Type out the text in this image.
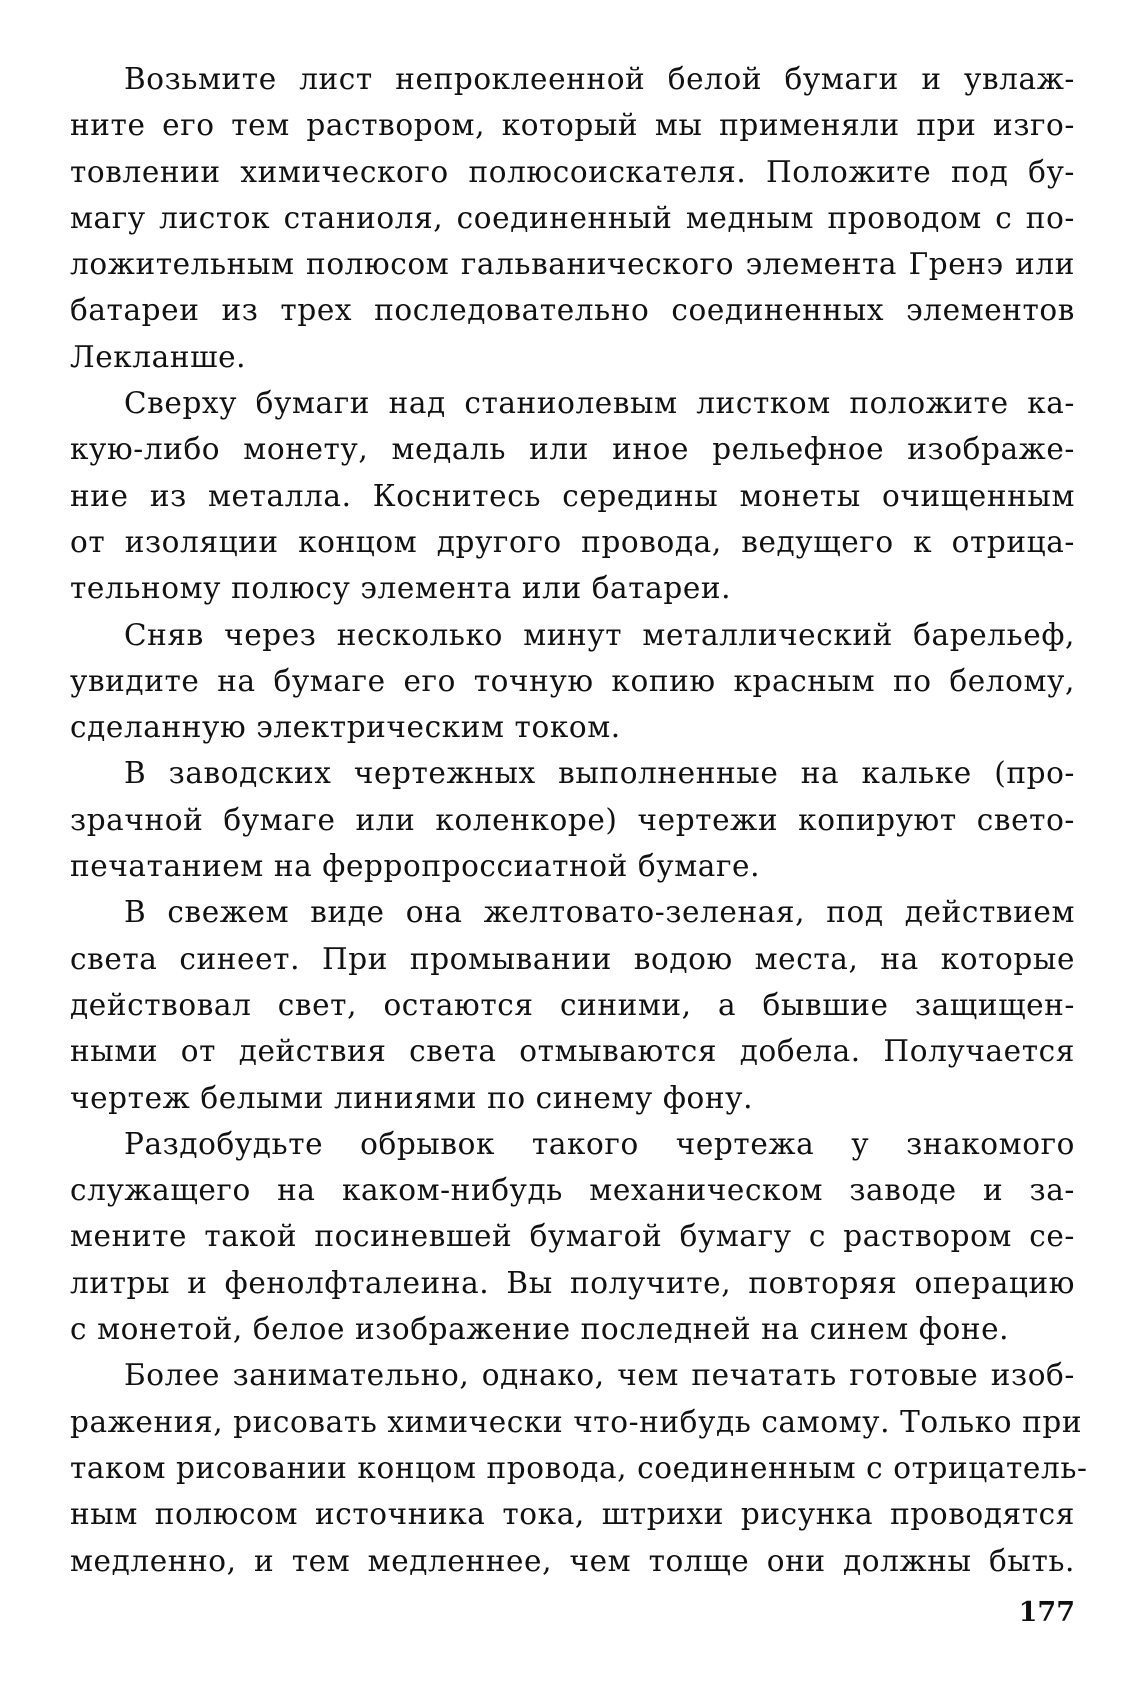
Возьмите лист непроклеенной белой бумаги и увлаж-
ните его тем раствором, который мы применяли при изго-
товлении химического полюсоискателя. Положите под бу-
магу листок станиоля, соединенный медным проводом с по-
ложительным полюсом гальванического элемента Гренэ или
батареи из трех последовательно соединенных элементов
Лекланше.
Сверху бумаги над станиолевым листком положите ка-
кую-либо монету, медаль или иное рельефное изображе-
ние из металла. Коснитесь середины монеты очищенным
от изоляции концом другого провода, ведущего к отрица-
тельному полюсу элемента или батареи.
Сняв через несколько минут металлический барельеф,
увидите на бумаге его точную копию красным по белому,
сделанную электрическим током.
В заводских чертежных выполненные на кальке (про-
зрачной бумаге или коленкоре) чертежи копируют свето-
печатанием на ферропроссиатной бумаге.
В свежем виде она желтовато-зеленая, под действием
света синеет. При промывании водою места, на которые
действовал свет, остаются синими, а бывшие защищен-
ными от действия света отмываются добела. Получается
чертеж белыми линиями по синему фону.
Раздобудьте обрывок такого чертежа у знакомого
служащего на каком-нибудь механическом заводе и за-
мените такой посиневшей бумагой бумагу с раствором се-
литры и фенолфталеина. Вы получите, повторяя операцию
с монетой, белое изображение последней на синем фоне.
Более занимательно, однако, чем печатать готовые изоб-
ражения, рисовать химически что-нибудь самому. Только при
таком рисовании концом провода, соединенным с отрицатель-
ным полюсом источника тока, штрихи рисунка проводятся
медленно, и тем медленнее, чем толще они должны быть.
177
